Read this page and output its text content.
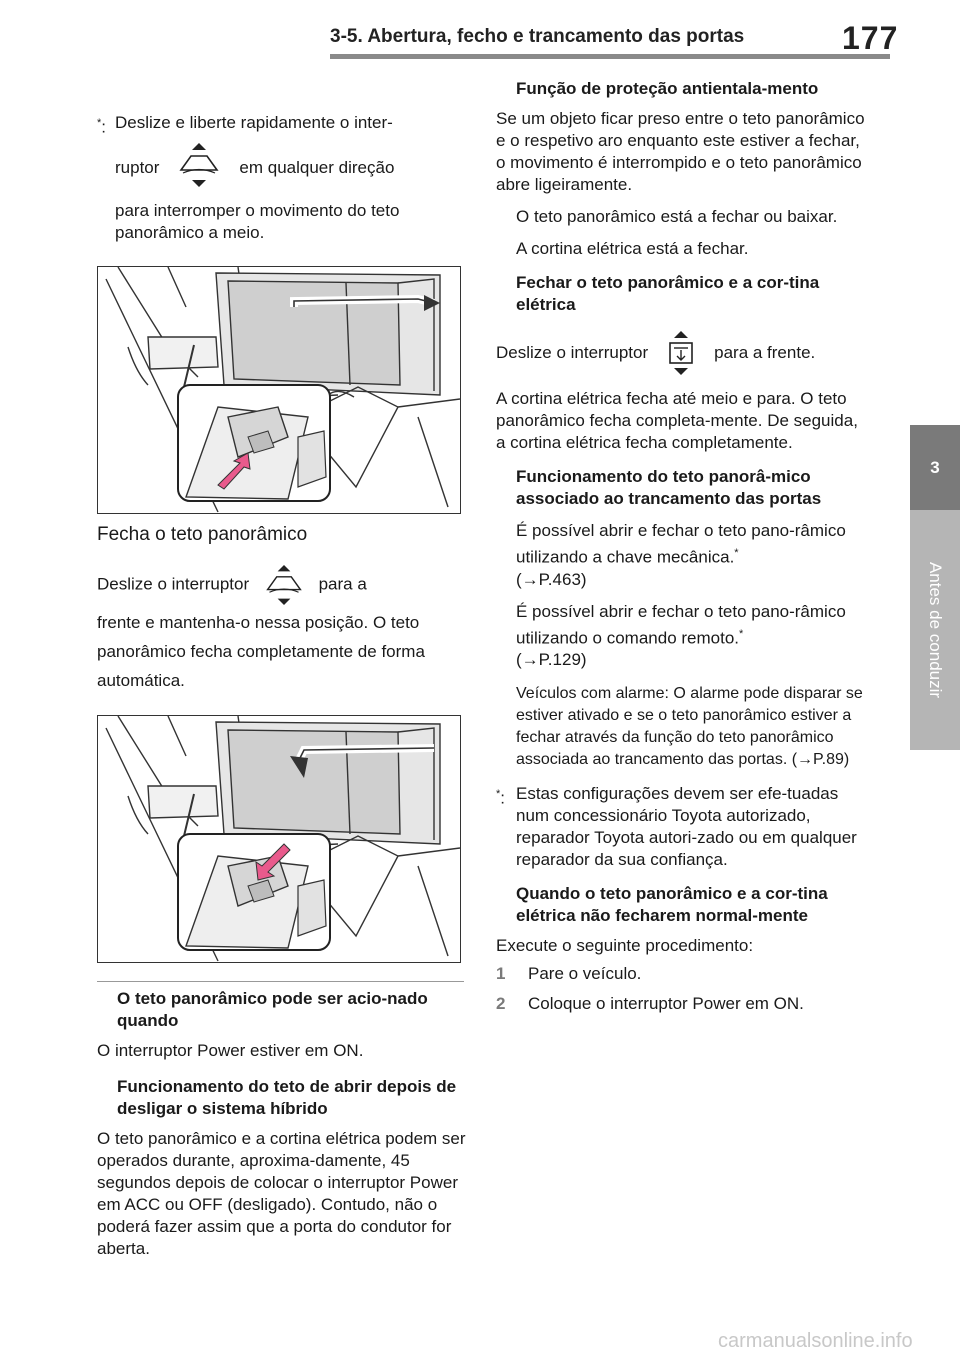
3-5. Abertura, fecho e trancamento das portas	177
3
Antes de conduzir
*: Deslize e liberte rapidamente o inter-
ruptor	em qualquer direção
para interromper o movimento do teto panorâmico a meio.
Fecha o teto panorâmico
Deslize o interruptor	para a
frente e mantenha-o nessa posição. O teto panorâmico fecha completamente de forma automática.
O teto panorâmico pode ser acio-nado quando
O interruptor Power estiver em ON.
Funcionamento do teto de abrir depois de desligar o sistema híbrido
O teto panorâmico e a cortina elétrica podem ser operados durante, aproxima-damente, 45 segundos depois de colocar o interruptor Power em ACC ou OFF (desligado). Contudo, não o poderá fazer assim que a porta do condutor for aberta.
Função de proteção antientala-mento
Se um objeto ficar preso entre o teto panorâmico e o respetivo aro enquanto este estiver a fechar, o movimento é interrompido e o teto panorâmico abre ligeiramente.
O teto panorâmico está a fechar ou baixar.
A cortina elétrica está a fechar.
Fechar o teto panorâmico e a cor-tina elétrica
Deslize o interruptor	para a frente.
A cortina elétrica fecha até meio e para. O teto panorâmico fecha completa-mente. De seguida, a cortina elétrica fecha completamente.
Funcionamento do teto panorâ-mico associado ao trancamento das portas
É possível abrir e fechar o teto pano-râmico utilizando a chave mecânica.*
(→P.463)
É possível abrir e fechar o teto pano-râmico utilizando o comando remoto.*
(→P.129)
Veículos com alarme: O alarme pode disparar se estiver ativado e se o teto panorâmico estiver a fechar através da função do teto panorâmico associada ao trancamento das portas. (→P.89)
*: Estas configurações devem ser efe-tuadas num concessionário Toyota autorizado, reparador Toyota autori-zado ou em qualquer reparador da sua confiança.
Quando o teto panorâmico e a cor-tina elétrica não fecharem normal-mente
Execute o seguinte procedimento:
1	Pare o veículo.
2	Coloque o interruptor Power em ON.
carmanualsonline.info
